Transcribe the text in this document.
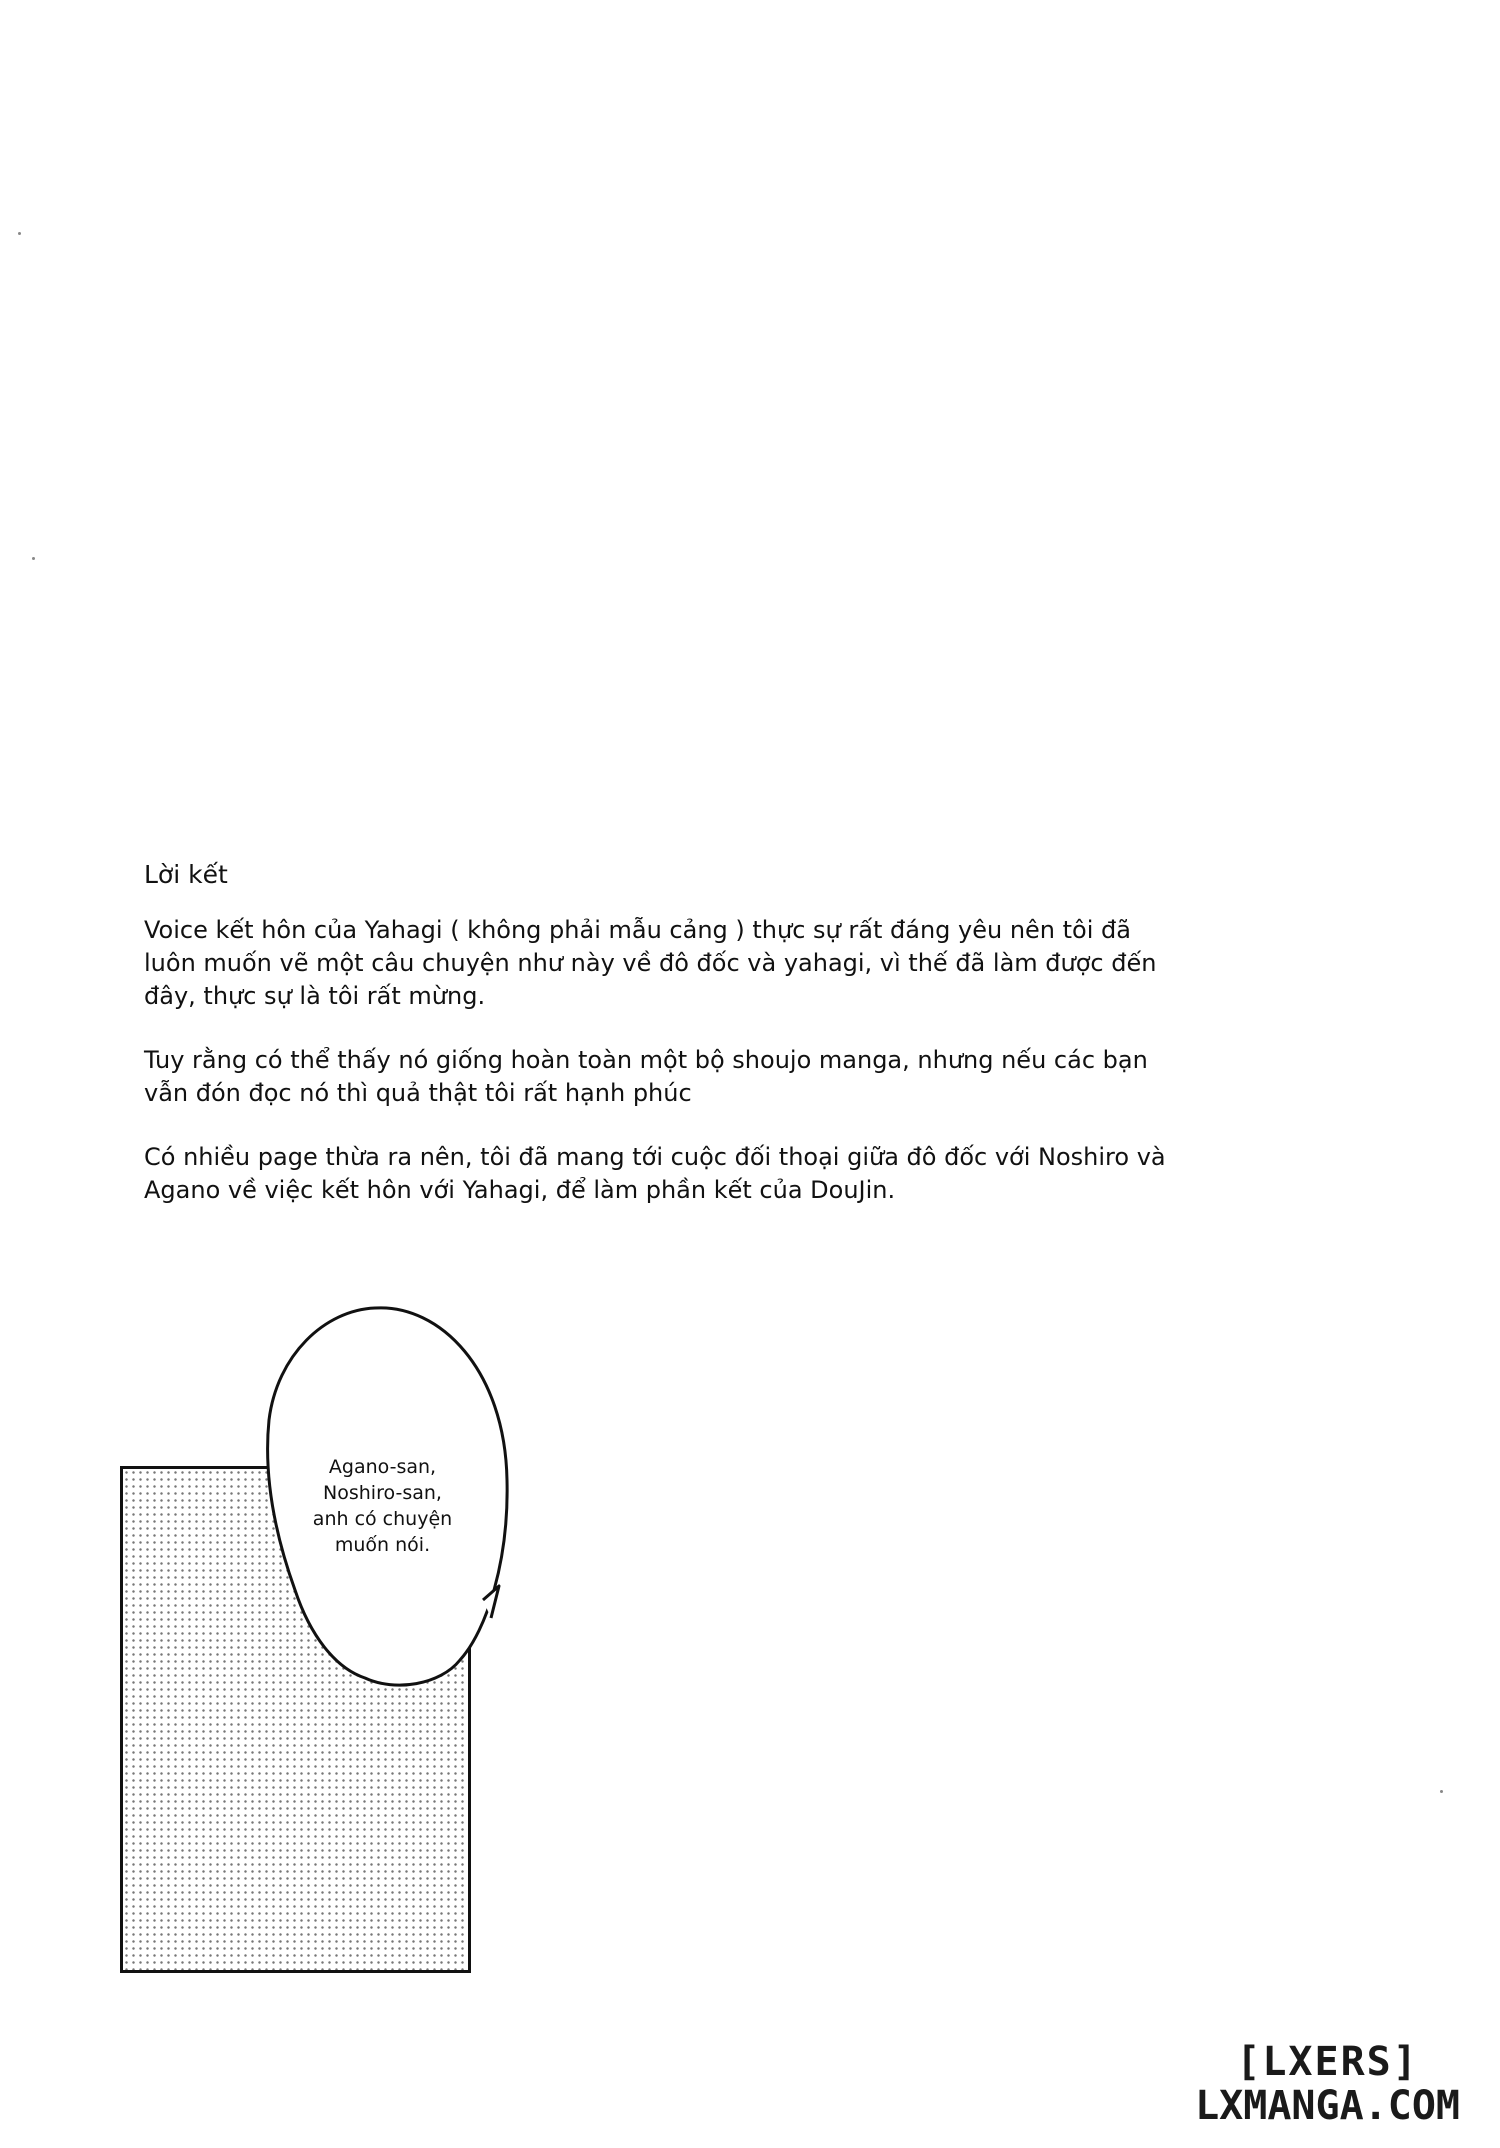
Lời kết
Voice kết hôn của Yahagi ( không phải mẫu cảng ) thực sự rất đáng yêu nên tôi đã
luôn muốn vẽ một câu chuyện như này về đô đốc và yahagi, vì thế đã làm được đến
đây, thực sự là tôi rất mừng.
Tuy rằng có thể thấy nó giống hoàn toàn một bộ shoujo manga, nhưng nếu các bạn
vẫn đón đọc nó thì quả thật tôi rất hạnh phúc
Có nhiều page thừa ra nên, tôi đã mang tới cuộc đối thoại giữa đô đốc với Noshiro và
Agano về việc kết hôn với Yahagi, để làm phần kết của DouJin.
Agano-san,
Noshiro-san,
anh có chuyện
muốn nói.
[LXERS]
LXMANGA.COM
